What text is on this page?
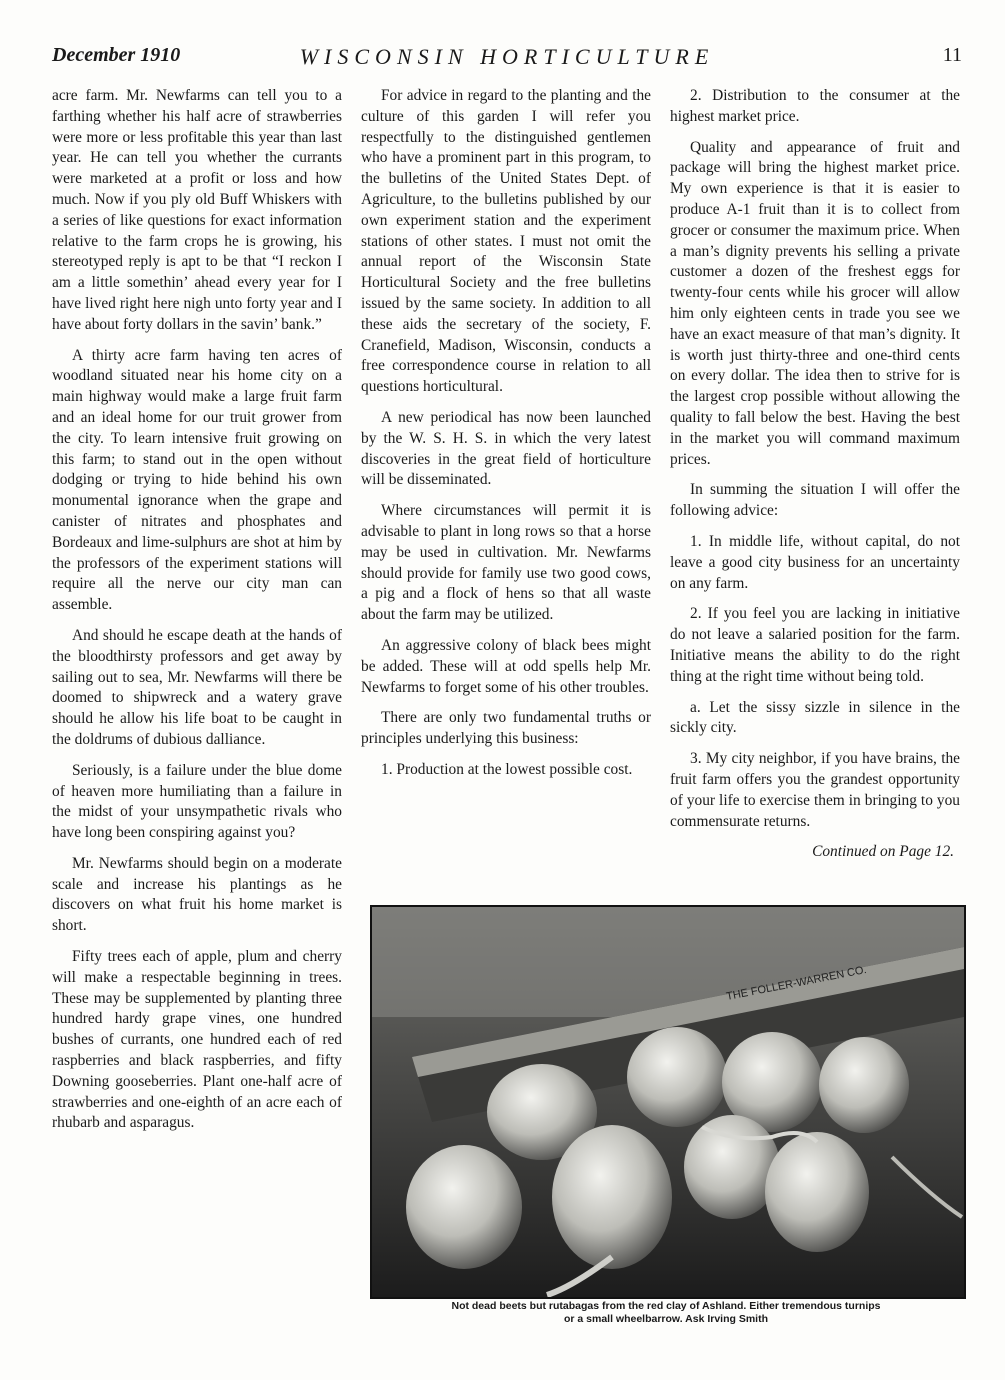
December 1910	WISCONSIN HORTICULTURE	11

acre farm. Mr. Newfarms can tell you to a farthing whether his half acre of strawberries were more or less profitable this year than last year. He can tell you whether the currants were marketed at a profit or loss and how much. Now if you ply old Buff Whiskers with a series of like questions for exact information relative to the farm crops he is growing, his stereotyped reply is apt to be that “I reckon I am a little somethin’ ahead every year for I have lived right here nigh unto forty year and I have about forty dollars in the savin’ bank.”

A thirty acre farm having ten acres of woodland situated near his home city on a main highway would make a large fruit farm and an ideal home for our truit grower from the city. To learn intensive fruit growing on this farm; to stand out in the open without dodging or trying to hide behind his own monumental ignorance when the grape and canister of nitrates and phosphates and Bordeaux and lime-sulphurs are shot at him by the professors of the experiment stations will require all the nerve our city man can assemble.

And should he escape death at the hands of the bloodthirsty professors and get away by sailing out to sea, Mr. Newfarms will there be doomed to shipwreck and a watery grave should he allow his life boat to be caught in the doldrums of dubious dalliance.

Seriously, is a failure under the blue dome of heaven more humiliating than a failure in the midst of your unsympathetic rivals who have long been conspiring against you?

Mr. Newfarms should begin on a moderate scale and increase his plantings as he discovers on what fruit his home market is short.

Fifty trees each of apple, plum and cherry will make a respectable beginning in trees. These may be supplemented by planting three hundred hardy grape vines, one hundred bushes of currants, one hundred each of red raspberries and black raspberries, and fifty Downing gooseberries. Plant one-half acre of strawberries and one-eighth of an acre each of rhubarb and asparagus.

For advice in regard to the planting and the culture of this garden I will refer you respectfully to the distinguished gentlemen who have a prominent part in this program, to the bulletins of the United States Dept. of Agriculture, to the bulletins published by our own experiment station and the experiment stations of other states. I must not omit the annual report of the Wisconsin State Horticultural Society and the free bulletins issued by the same society. In addition to all these aids the secretary of the society, F. Cranefield, Madison, Wisconsin, conducts a free correspondence course in relation to all questions horticultural.

A new periodical has now been launched by the W. S. H. S. in which the very latest discoveries in the great field of horticulture will be disseminated.

Where circumstances will permit it is advisable to plant in long rows so that a horse may be used in cultivation. Mr. Newfarms should provide for family use two good cows, a pig and a flock of hens so that all waste about the farm may be utilized.

An aggressive colony of black bees might be added. These will at odd spells help Mr. Newfarms to forget some of his other troubles.

There are only two fundamental truths or principles underlying this business:

1. Production at the lowest possible cost.

2. Distribution to the consumer at the highest market price.

Quality and appearance of fruit and package will bring the highest market price. My own experience is that it is easier to produce A-1 fruit than it is to collect from grocer or consumer the maximum price. When a man’s dignity prevents his selling a private customer a dozen of the freshest eggs for twenty-four cents while his grocer will allow him only eighteen cents in trade you see we have an exact measure of that man’s dignity. It is worth just thirty-three and one-third cents on every dollar. The idea then to strive for is the largest crop possible without allowing the quality to fall below the best. Having the best in the market you will command maximum prices.

In summing the situation I will offer the following advice:

1. In middle life, without capital, do not leave a good city business for an uncertainty on any farm.

2. If you feel you are lacking in initiative do not leave a salaried position for the farm. Initiative means the ability to do the right thing at the right time without being told.

a. Let the sissy sizzle in silence in the sickly city.

3. My city neighbor, if you have brains, the fruit farm offers you the grandest opportunity of your life to exercise them in bringing to you commensurate returns.

Continued on Page 12.
THE FOLLER-WARREN CO.
Not dead beets but rutabagas from the red clay of Ashland. Either tremendous turnips
or a small wheelbarrow. Ask Irving Smith
